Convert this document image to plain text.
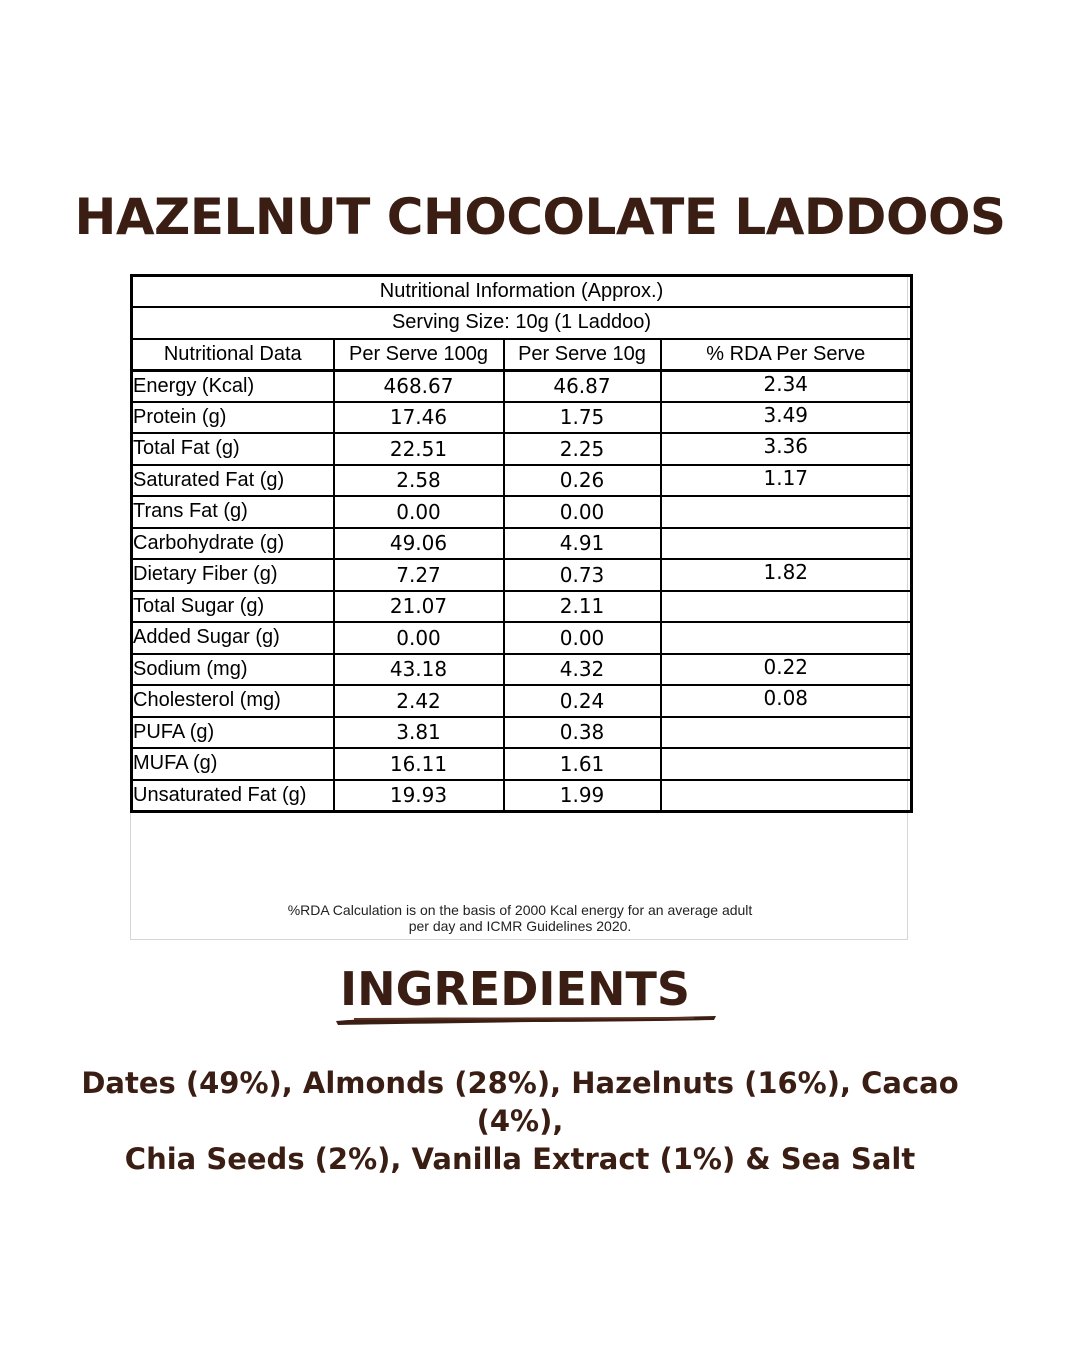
HAZELNUT CHOCOLATE LADDOOS
Nutritional Information (Approx.)			
Serving Size: 10g (1 Laddoo)			
Nutritional Data	Per Serve 100g	Per Serve 10g	% RDA Per Serve
Energy (Kcal)	468.67	46.87	2.34
Protein (g)	17.46	1.75	3.49
Total Fat (g)	22.51	2.25	3.36
Saturated Fat (g)	2.58	0.26	1.17
Trans Fat (g)	0.00	0.00	
Carbohydrate (g)	49.06	4.91	
Dietary Fiber (g)	7.27	0.73	1.82
Total Sugar (g)	21.07	2.11	
Added Sugar (g)	0.00	0.00	
Sodium (mg)	43.18	4.32	0.22
Cholesterol (mg)	2.42	0.24	0.08
PUFA (g)	3.81	0.38	
MUFA (g)	16.11	1.61	
Unsaturated Fat (g)	19.93	1.99	
%RDA Calculation is on the basis of 2000 Kcal energy for an average adult
per day and ICMR Guidelines 2020.
INGREDIENTS
Dates (49%), Almonds (28%), Hazelnuts (16%), Cacao (4%),
Chia Seeds (2%), Vanilla Extract (1%) & Sea Salt
